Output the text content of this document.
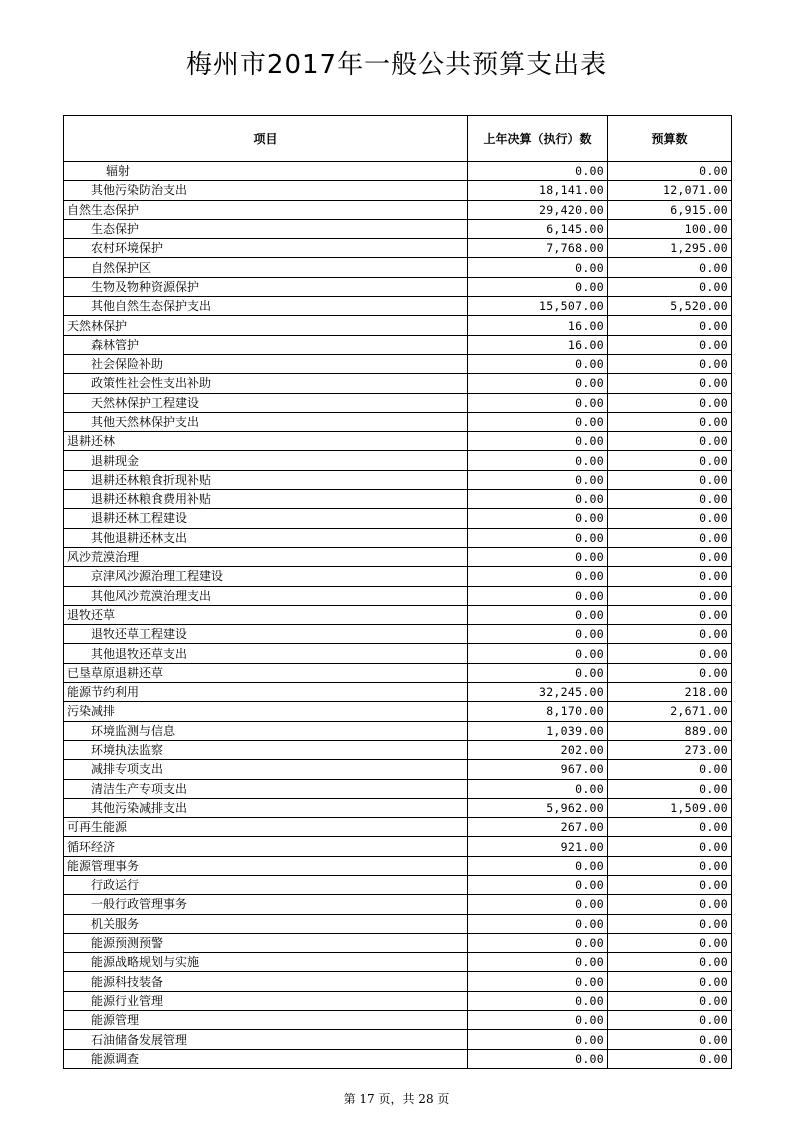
梅州市2017年一般公共预算支出表
项目	上年决算（执行）数	预算数
辐射	0.00	0.00
其他污染防治支出	18,141.00	12,071.00
自然生态保护	29,420.00	6,915.00
生态保护	6,145.00	100.00
农村环境保护	7,768.00	1,295.00
自然保护区	0.00	0.00
生物及物种资源保护	0.00	0.00
其他自然生态保护支出	15,507.00	5,520.00
天然林保护	16.00	0.00
森林管护	16.00	0.00
社会保险补助	0.00	0.00
政策性社会性支出补助	0.00	0.00
天然林保护工程建设	0.00	0.00
其他天然林保护支出	0.00	0.00
退耕还林	0.00	0.00
退耕现金	0.00	0.00
退耕还林粮食折现补贴	0.00	0.00
退耕还林粮食费用补贴	0.00	0.00
退耕还林工程建设	0.00	0.00
其他退耕还林支出	0.00	0.00
风沙荒漠治理	0.00	0.00
京津风沙源治理工程建设	0.00	0.00
其他风沙荒漠治理支出	0.00	0.00
退牧还草	0.00	0.00
退牧还草工程建设	0.00	0.00
其他退牧还草支出	0.00	0.00
已垦草原退耕还草	0.00	0.00
能源节约利用	32,245.00	218.00
污染减排	8,170.00	2,671.00
环境监测与信息	1,039.00	889.00
环境执法监察	202.00	273.00
减排专项支出	967.00	0.00
清洁生产专项支出	0.00	0.00
其他污染减排支出	5,962.00	1,509.00
可再生能源	267.00	0.00
循环经济	921.00	0.00
能源管理事务	0.00	0.00
行政运行	0.00	0.00
一般行政管理事务	0.00	0.00
机关服务	0.00	0.00
能源预测预警	0.00	0.00
能源战略规划与实施	0.00	0.00
能源科技装备	0.00	0.00
能源行业管理	0.00	0.00
能源管理	0.00	0.00
石油储备发展管理	0.00	0.00
能源调查	0.00	0.00
第 17 页，共 28 页
